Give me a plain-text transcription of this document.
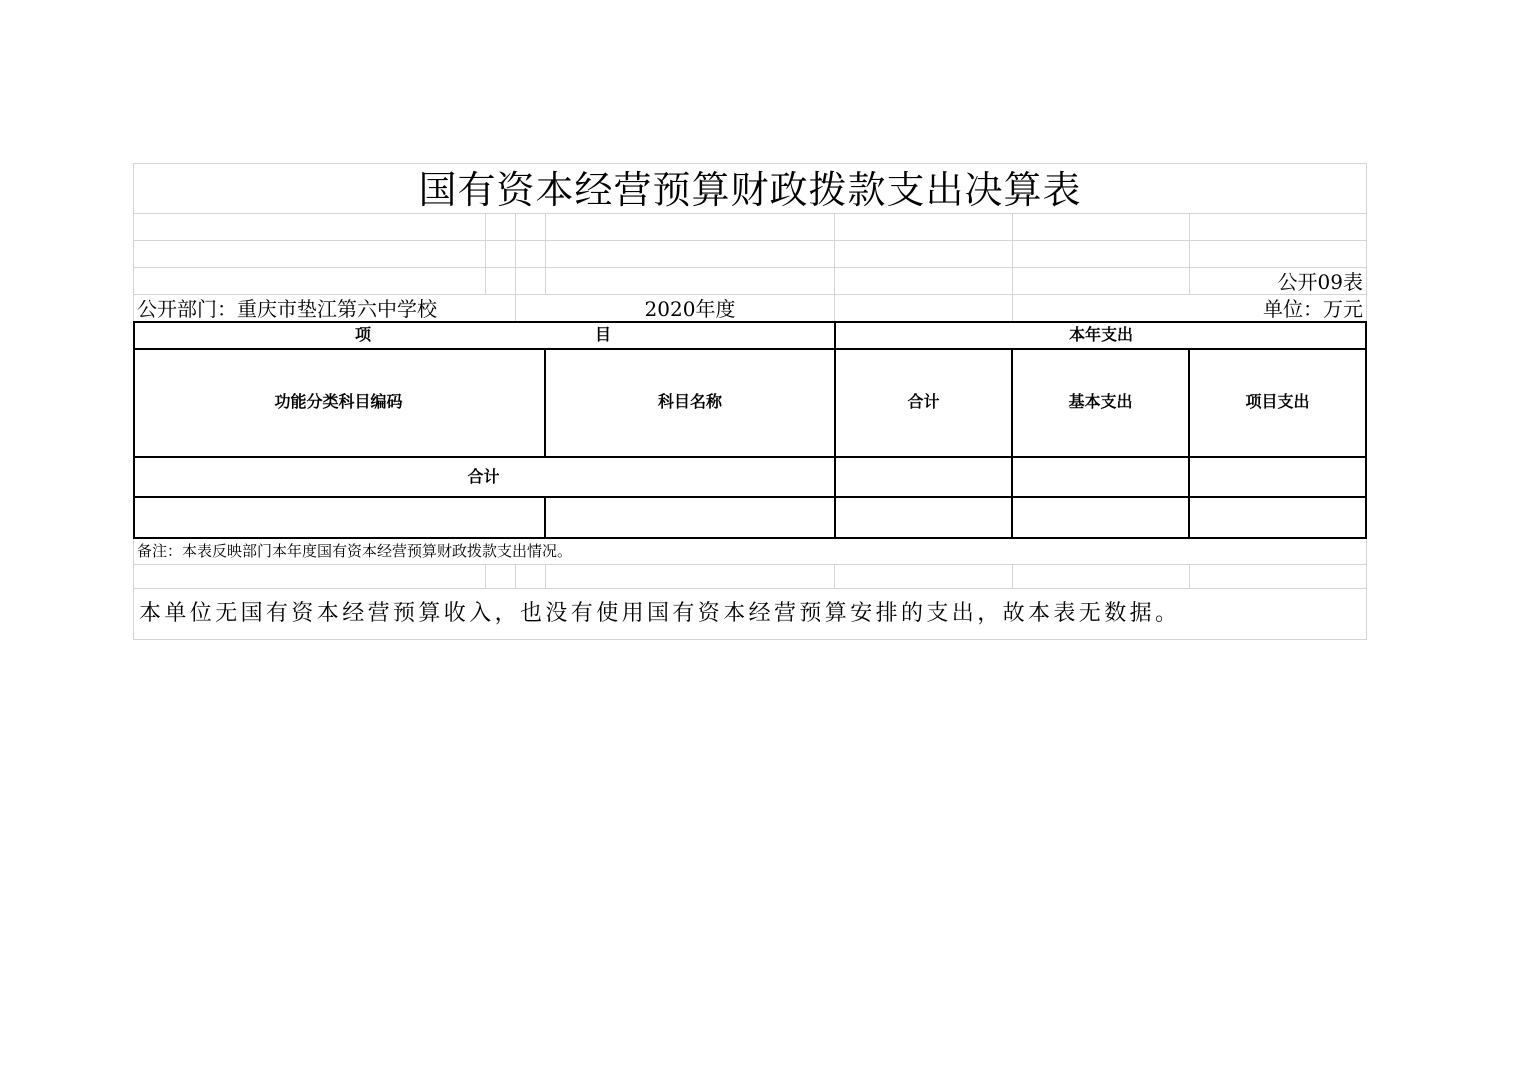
国有资本经营预算财政拨款支出决算表
公开09表
公开部门：重庆市垫江第六中学校	2020年度	单位：万元
项	目	本年支出
功能分类科目编码	科目名称	合计	基本支出	项目支出
合计
备注：本表反映部门本年度国有资本经营预算财政拨款支出情况。
本单位无国有资本经营预算收入，也没有使用国有资本经营预算安排的支出，故本表无数据。
